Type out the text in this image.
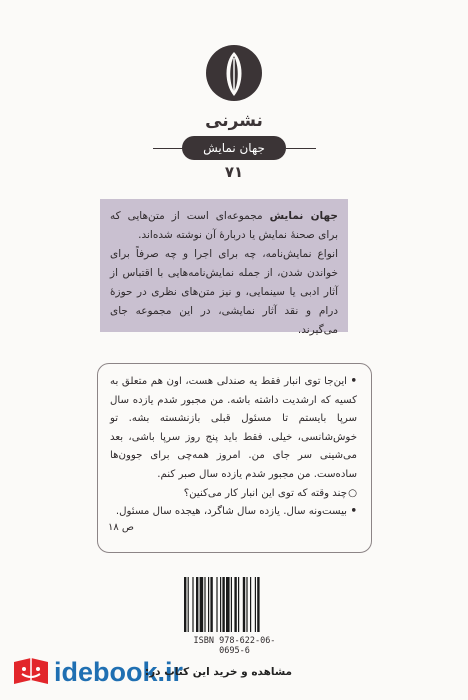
نشرنی
جهان نمایش
۷۱

جهان نمایش مجموعه‌ای است از متن‌هایی که برای صحنهٔ نمایش یا دربارهٔ آن نوشته شده‌اند.

انواع نمایش‌نامه، چه برای اجرا و چه صرفاً برای خواندن شدن، از جمله نمایش‌نامه‌هایی با اقتباس از آثار ادبی یا سینمایی، و نیز متن‌های نظری در حوزهٔ درام و نقد آثار نمایشی، در این مجموعه جای می‌گیرند.

•این‌جا توی انبار فقط یه صندلی هست، اون هم متعلق به کسیه که ارشدیت داشته باشه. من مجبور شدم یازده سال سرپا بایستم تا مسئول قبلی بازنشسته بشه. تو خوش‌شانسی، خیلی. فقط باید پنج روز سرپا باشی، بعد می‌شینی سر جای من. امروز همه‌چی برای جوون‌ها ساده‌ست. من مجبور شدم یازده سال صبر کنم.

○چند وقته که توی این انبار کار می‌کنین؟

•بیست‌ونه سال. یازده سال شاگرد، هیجده سال مسئول.

ص ۱۸
ISBN 978-622-06-0695-6
idebook.ir
مشاهده و خرید این کتاب در:
